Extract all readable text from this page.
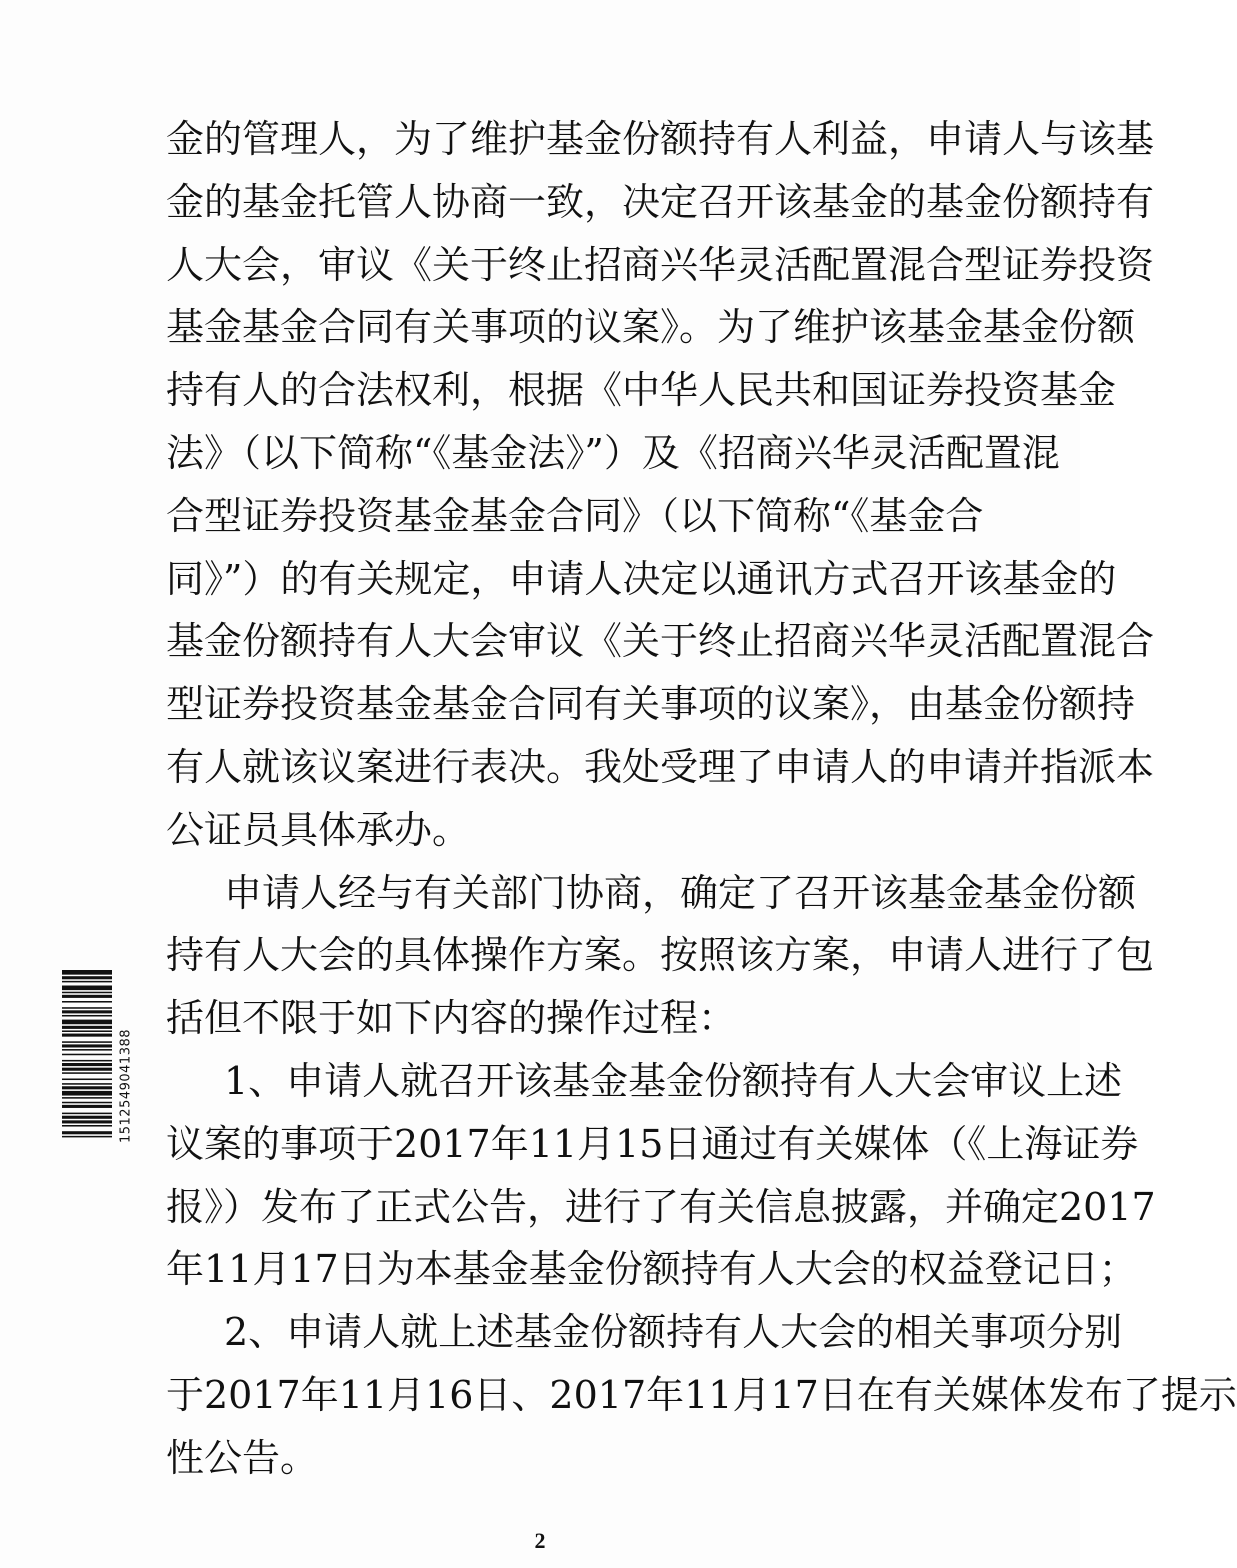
金的管理人，为了维护基金份额持有人利益，申请人与该基
金的基金托管人协商一致，决定召开该基金的基金份额持有
人大会，审议《关于终止招商兴华灵活配置混合型证券投资
基金基金合同有关事项的议案》。为了维护该基金基金份额
持有人的合法权利，根据《中华人民共和国证券投资基金
法》（以下简称“《基金法》”）及《招商兴华灵活配置混
合型证券投资基金基金合同》（以下简称“《基金合
同》”）的有关规定，申请人决定以通讯方式召开该基金的
基金份额持有人大会审议《关于终止招商兴华灵活配置混合
型证券投资基金基金合同有关事项的议案》，由基金份额持
有人就该议案进行表决。我处受理了申请人的申请并指派本
公证员具体承办。
申请人经与有关部门协商，确定了召开该基金基金份额
持有人大会的具体操作方案。按照该方案，申请人进行了包
括但不限于如下内容的操作过程：
1、申请人就召开该基金基金份额持有人大会审议上述
议案的事项于2017年11月15日通过有关媒体（《上海证券
报》）发布了正式公告，进行了有关信息披露，并确定2017
年11月17日为本基金基金份额持有人大会的权益登记日；
2、申请人就上述基金份额持有人大会的相关事项分别
于2017年11月16日、2017年11月17日在有关媒体发布了提示
性公告。
1512549041388
2
